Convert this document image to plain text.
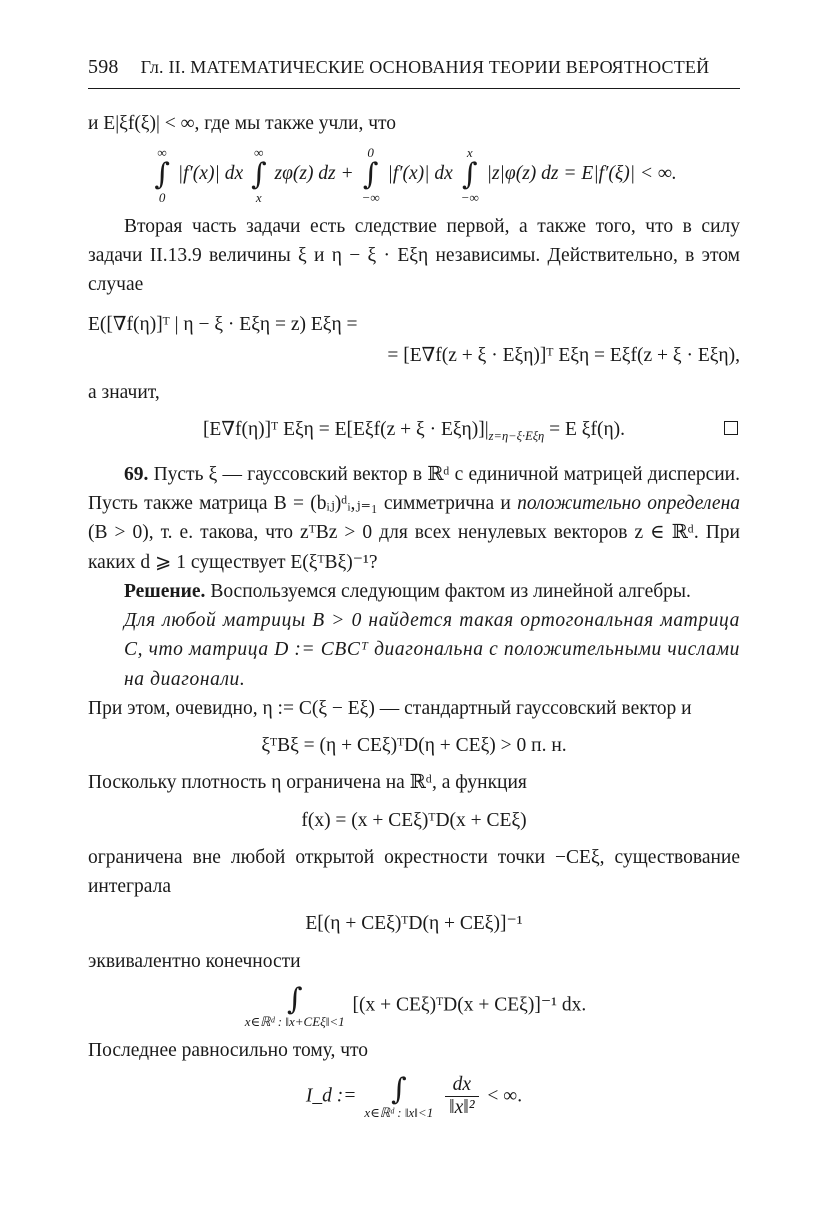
598 Гл. II. МАТЕМАТИЧЕСКИЕ ОСНОВАНИЯ ТЕОРИИ ВЕРОЯТНОСТЕЙ

и E|ξf(ξ)| < ∞, где мы также учли, что

∞
∫
0
|f′(x)| dx
∞
∫
x
zφ(z) dz +
0
∫
−∞
|f′(x)| dx
x
∫
−∞
|z|φ(z) dz = E|f′(ξ)| < ∞.

Вторая часть задачи есть следствие первой, а также того, что в силу задачи II.13.9 величины ξ и η − ξ · Eξη независимы. Действительно, в этом случае

E([∇f(η)]ᵀ | η − ξ · Eξη = z) Eξη =
= [E∇f(z + ξ · Eξη)]ᵀ Eξη = Eξf(z + ξ · Eξη),

а значит,

[E∇f(η)]ᵀ $E\xi\eta = E[E\xi f(z + \xi \cdot E\xi\eta)]|_{z=\eta-\xi\cdot E\xi\eta} = E$ ξf(η).

69. Пусть ξ — гауссовский вектор в ℝᵈ с единичной матрицей дисперсии. Пусть также матрица B = (bᵢⱼ)ᵈᵢ,ⱼ₌₁ симметрична и положительно определена (B > 0), т. е. такова, что zᵀBz > 0 для всех ненулевых векторов z ∈ ℝᵈ. При каких d ⩾ 1 существует E(ξᵀBξ)⁻¹?

Решение. Воспользуемся следующим фактом из линейной алгебры.

Для любой матрицы B > 0 найдется такая ортогональная матрица C, что матрица D := CBCᵀ диагональна с положительными числами на диагонали.

При этом, очевидно, η := C(ξ − Eξ) — стандартный гауссовский вектор и

ξᵀBξ = (η + CEξ)ᵀD(η + CEξ) > 0 п. н.

Поскольку плотность η ограничена на ℝᵈ, а функция

f(x) = (x + CEξ)ᵀD(x + CEξ)

ограничена вне любой открытой окрестности точки −CEξ, существование интеграла

E[(η + CEξ)ᵀD(η + CEξ)]⁻¹

эквивалентно конечности

∫
x∈ℝᵈ : ‖x+CEξ‖<1
[(x + CEξ)ᵀD(x + CEξ)]⁻¹ dx.

Последнее равносильно тому, что

I_d :=	∫
x∈ℝᵈ : ‖x‖<1
$\frac{dx}{\text{‖x‖²}}$ < ∞.
